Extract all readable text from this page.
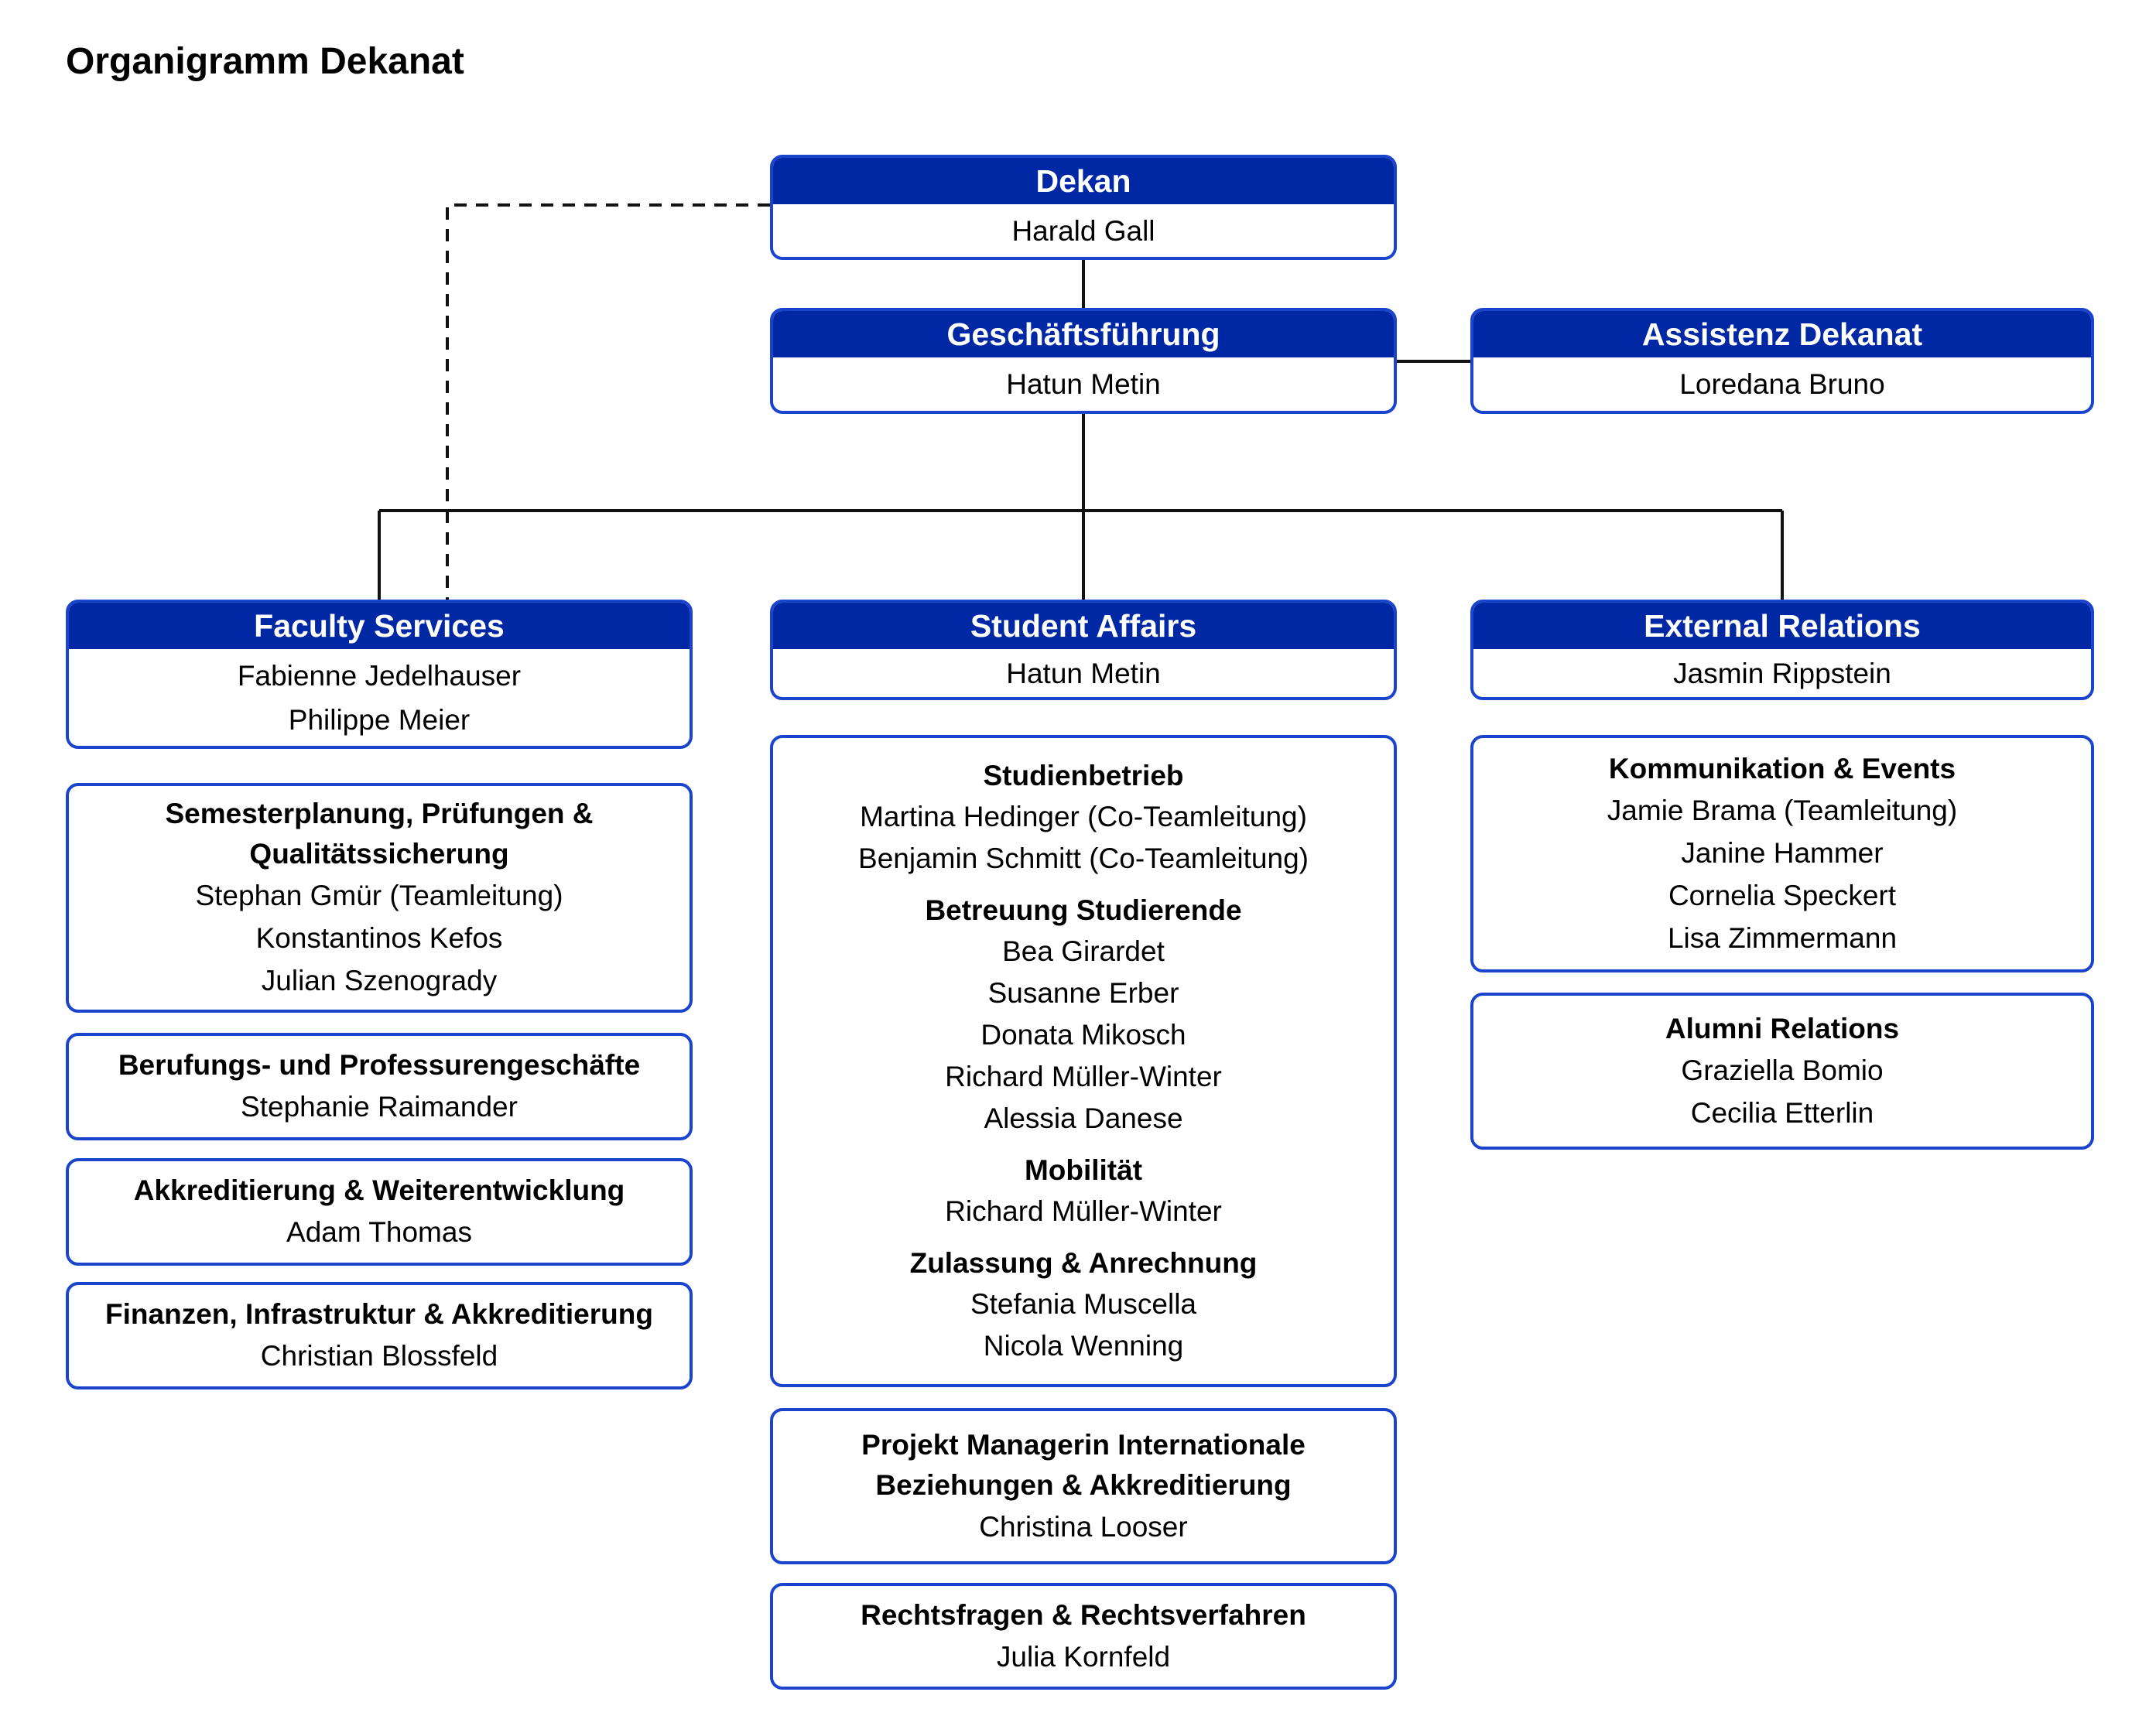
Organigramm Dekanat
Dekan
Harald Gall
Geschäftsführung
Hatun Metin
Assistenz Dekanat
Loredana Bruno
Faculty Services
Fabienne Jedelhauser
Philippe Meier
Student Affairs
Hatun Metin
External Relations
Jasmin Rippstein
Semesterplanung, Prüfungen & Qualitätssicherung
Stephan Gmür (Teamleitung)
Konstantinos Kefos
Julian Szenogrady
Berufungs- und Professurengeschäfte
Stephanie Raimander
Akkreditierung & Weiterentwicklung
Adam Thomas
Finanzen, Infrastruktur & Akkreditierung
Christian Blossfeld
Studienbetrieb
Martina Hedinger (Co-Teamleitung)
Benjamin Schmitt (Co-Teamleitung)
Betreuung Studierende
Bea Girardet
Susanne Erber
Donata Mikosch
Richard Müller-Winter
Alessia Danese
Mobilität
Richard Müller-Winter
Zulassung & Anrechnung
Stefania Muscella
Nicola Wenning
Projekt Managerin Internationale Beziehungen & Akkreditierung
Christina Looser
Rechtsfragen & Rechtsverfahren
Julia Kornfeld
Kommunikation & Events
Jamie Brama (Teamleitung)
Janine Hammer
Cornelia Speckert
Lisa Zimmermann
Alumni Relations
Graziella Bomio
Cecilia Etterlin
